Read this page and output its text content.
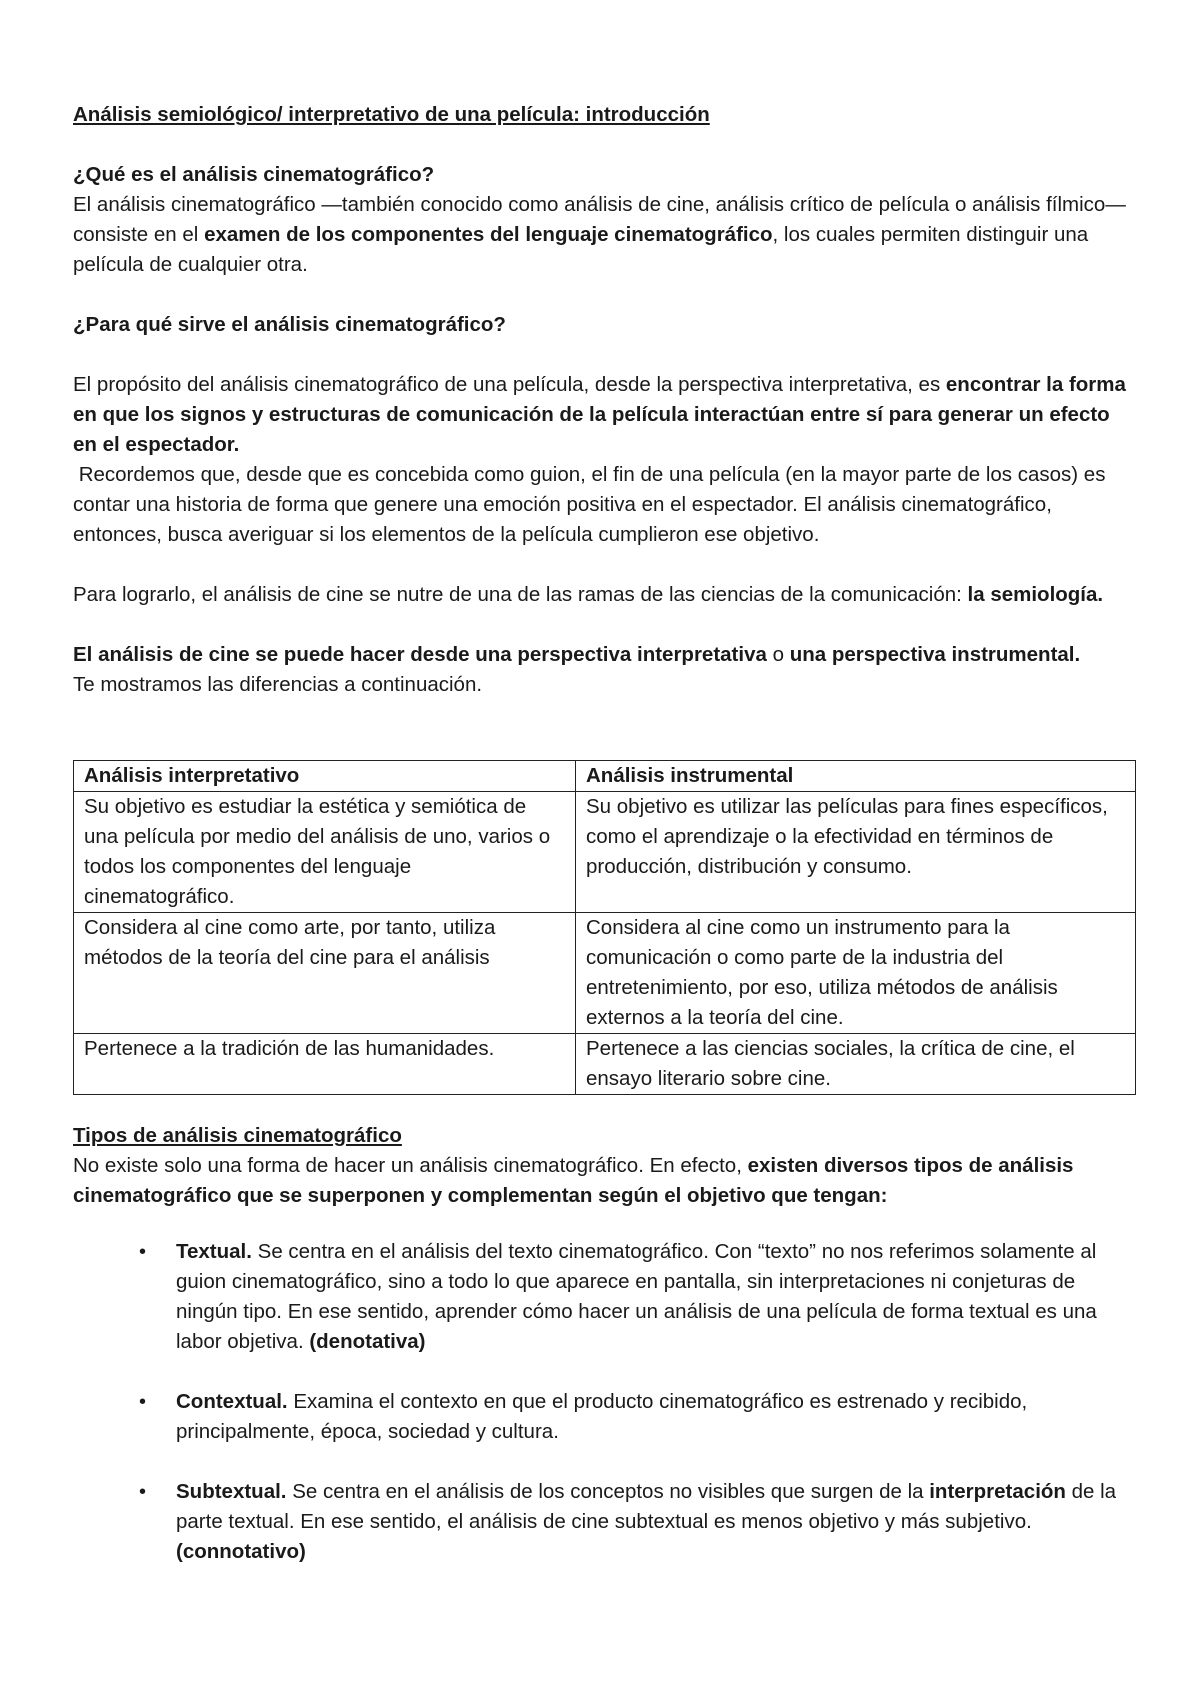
Análisis semiológico/ interpretativo de una película: introducción

¿Qué es el análisis cinematográfico?

El análisis cinematográfico —también conocido como análisis de cine, análisis crítico de película o análisis fílmico— consiste en el examen de los componentes del lenguaje cinematográfico, los cuales permiten distinguir una película de cualquier otra.

¿Para qué sirve el análisis cinematográfico?

El propósito del análisis cinematográfico de una película, desde la perspectiva interpretativa, es encontrar la forma en que los signos y estructuras de comunicación de la película interactúan entre sí para generar un efecto en el espectador.

Recordemos que, desde que es concebida como guion, el fin de una película (en la mayor parte de los casos) es contar una historia de forma que genere una emoción positiva en el espectador. El análisis cinematográfico, entonces, busca averiguar si los elementos de la película cumplieron ese objetivo.

Para lograrlo, el análisis de cine se nutre de una de las ramas de las ciencias de la comunicación: la semiología.

El análisis de cine se puede hacer desde una perspectiva interpretativa o una perspectiva instrumental.

Te mostramos las diferencias a continuación.

Análisis interpretativo	Análisis instrumental
Su objetivo es estudiar la estética y semiótica de una película por medio del análisis de uno, varios o todos los componentes del lenguaje cinematográfico.	Su objetivo es utilizar las películas para fines específicos, como el aprendizaje o la efectividad en términos de producción, distribución y consumo.
Considera al cine como arte, por tanto, utiliza métodos de la teoría del cine para el análisis	Considera al cine como un instrumento para la comunicación o como parte de la industria del entretenimiento, por eso, utiliza métodos de análisis externos a la teoría del cine.
Pertenece a la tradición de las humanidades.	Pertenece a las ciencias sociales, la crítica de cine, el ensayo literario sobre cine.

Tipos de análisis cinematográfico

No existe solo una forma de hacer un análisis cinematográfico. En efecto, existen diversos tipos de análisis cinematográfico que se superponen y complementan según el objetivo que tengan:

• Textual. Se centra en el análisis del texto cinematográfico. Con “texto” no nos referimos solamente al guion cinematográfico, sino a todo lo que aparece en pantalla, sin interpretaciones ni conjeturas de ningún tipo. En ese sentido, aprender cómo hacer un análisis de una película de forma textual es una labor objetiva. (denotativa)
• Contextual. Examina el contexto en que el producto cinematográfico es estrenado y recibido, principalmente, época, sociedad y cultura.
• Subtextual. Se centra en el análisis de los conceptos no visibles que surgen de la interpretación de la parte textual. En ese sentido, el análisis de cine subtextual es menos objetivo y más subjetivo. (connotativo)
